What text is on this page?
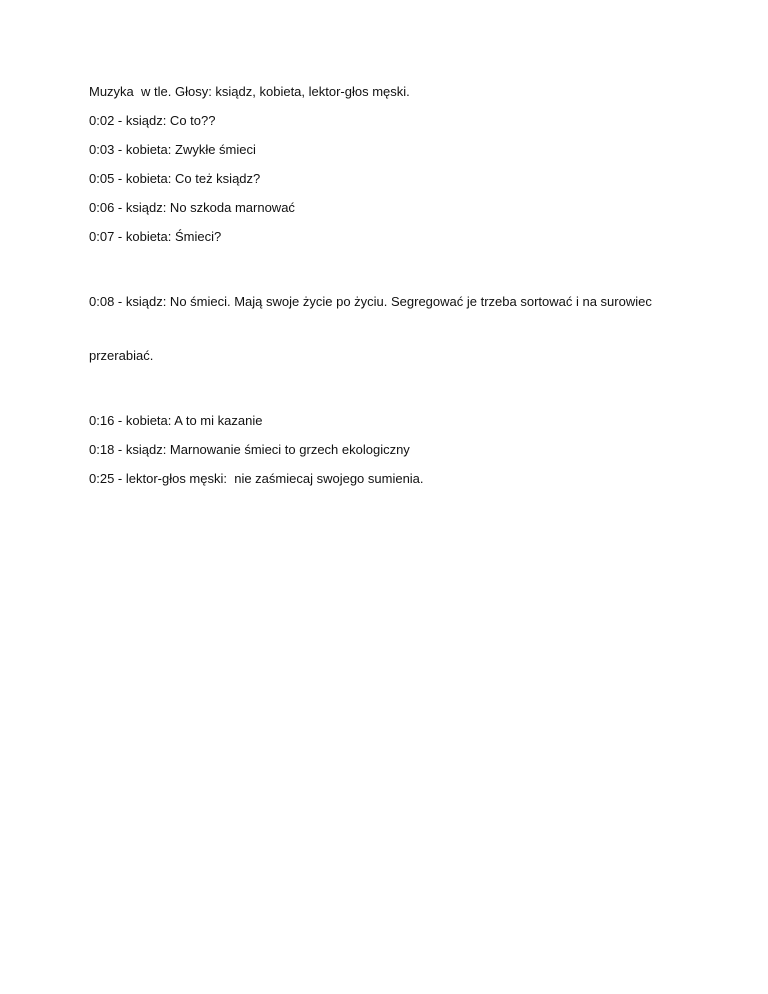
Muzyka  w tle. Głosy: ksiądz, kobieta, lektor-głos męski.

0:02 - ksiądz: Co to??

0:03 - kobieta: Zwykłe śmieci

0:05 - kobieta: Co też ksiądz?

0:06 - ksiądz: No szkoda marnować

0:07 - kobieta: Śmieci?

0:08 - ksiądz: No śmieci. Mają swoje życie po życiu. Segregować je trzeba sortować i na surowiec

przerabiać.

0:16 - kobieta: A to mi kazanie

0:18 - ksiądz: Marnowanie śmieci to grzech ekologiczny

0:25 - lektor-głos męski:  nie zaśmiecaj swojego sumienia.
